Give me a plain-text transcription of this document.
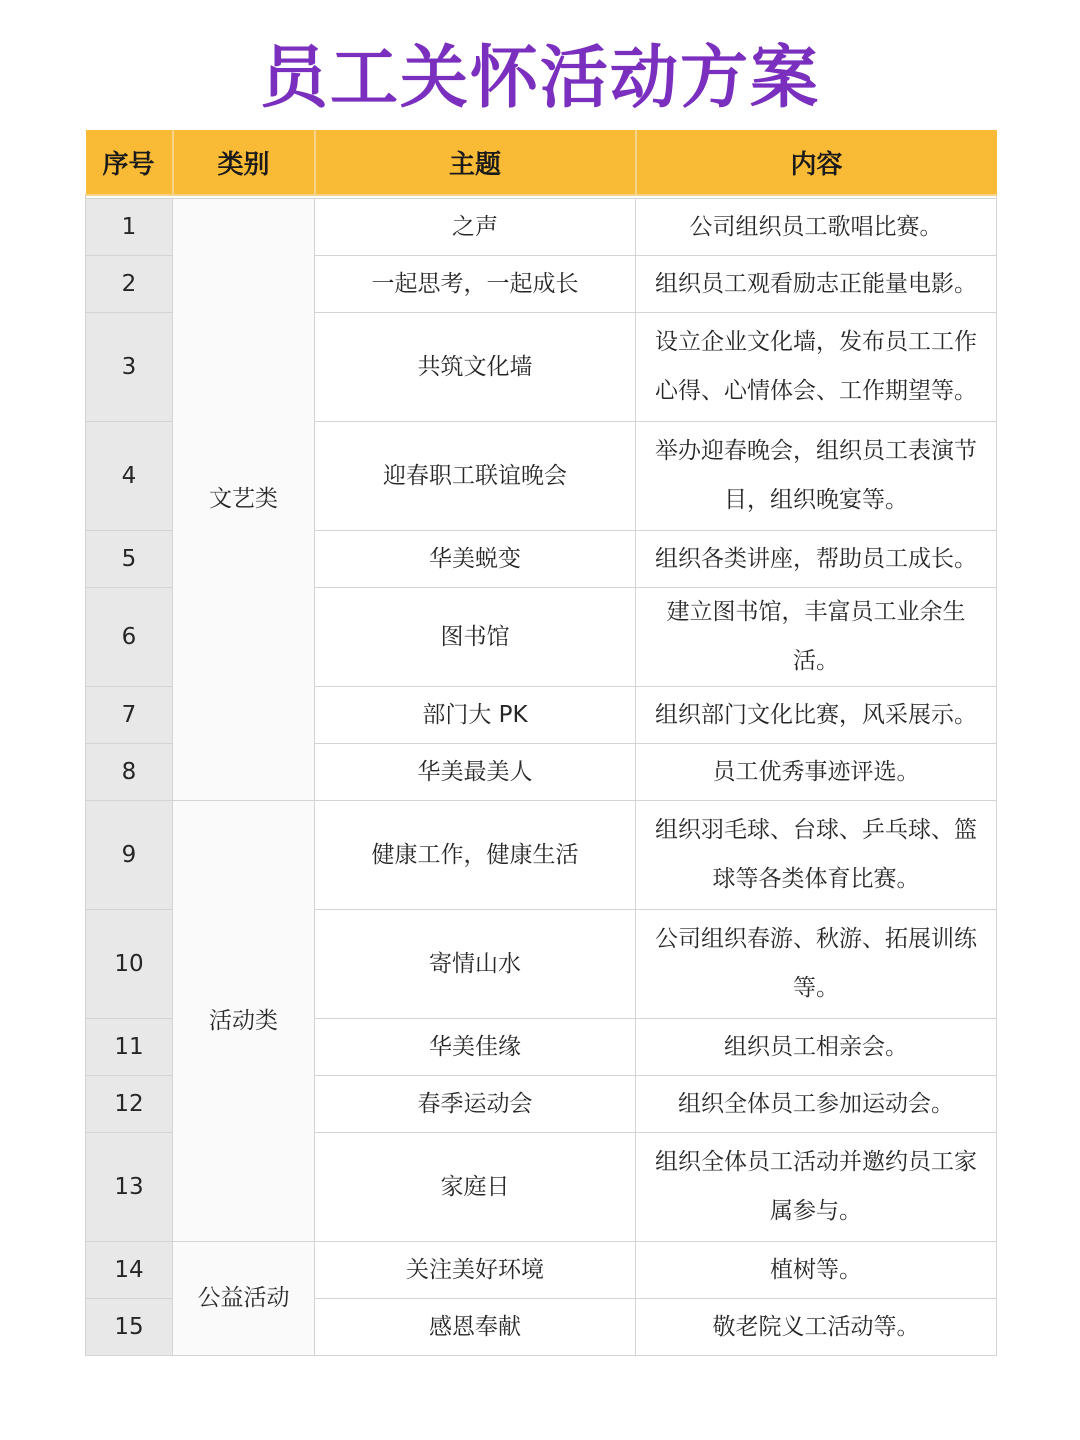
员工关怀活动方案
序号	类别	主题	内容

1	文艺类	之声	公司组织员工歌唱比赛。
2		一起思考，一起成长	组织员工观看励志正能量电影。
3		共筑文化墙	设立企业文化墙，发布员工工作心得、心情体会、工作期望等。
4		迎春职工联谊晚会	举办迎春晚会，组织员工表演节目，组织晚宴等。
5		华美蜕变	组织各类讲座，帮助员工成长。
6		图书馆	建立图书馆，丰富员工业余生活。
7		部门大 PK	组织部门文化比赛，风采展示。
8		华美最美人	员工优秀事迹评选。
9	活动类	健康工作，健康生活	组织羽毛球、台球、乒乓球、篮球等各类体育比赛。
10		寄情山水	公司组织春游、秋游、拓展训练等。
11		华美佳缘	组织员工相亲会。
12		春季运动会	组织全体员工参加运动会。
13		家庭日	组织全体员工活动并邀约员工家属参与。
14	公益活动	关注美好环境	植树等。
15		感恩奉献	敬老院义工活动等。
